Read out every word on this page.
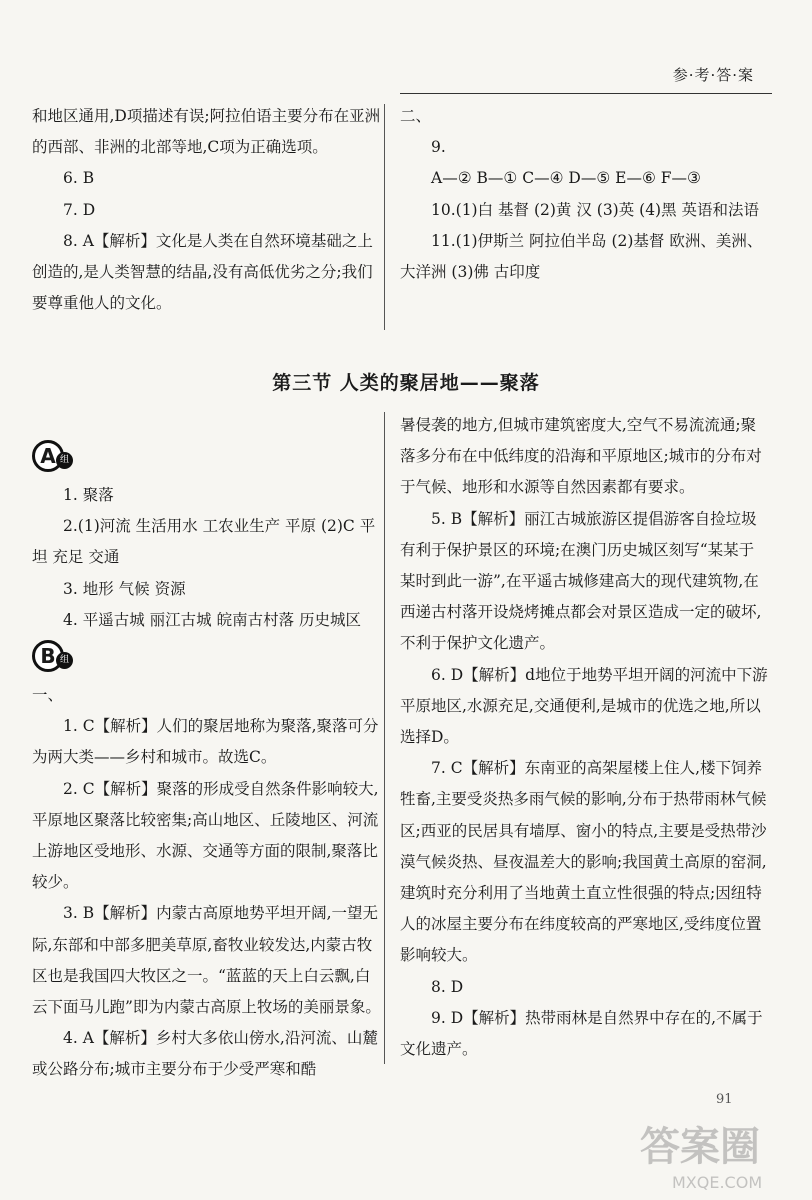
参·考·答·案

和地区通用,D项描述有误;阿拉伯语主要分布在亚洲的西部、非洲的北部等地,C项为正确选项。

6. B

7. D

8. A【解析】文化是人类在自然环境基础之上创造的,是人类智慧的结晶,没有高低优劣之分;我们要尊重他人的文化。

二、

9.

A—② B—① C—④ D—⑤ E—⑥ F—③

10.(1)白 基督 (2)黄 汉 (3)英 (4)黑 英语和法语

11.(1)伊斯兰 阿拉伯半岛 (2)基督 欧洲、美洲、大洋洲 (3)佛 古印度

第三节 人类的聚居地——聚落
A 组

1. 聚落

2.(1)河流 生活用水 工农业生产 平原 (2)C 平坦 充足 交通

3. 地形 气候 资源

4. 平遥古城 丽江古城 皖南古村落 历史城区

B 组

一、

1. C【解析】人们的聚居地称为聚落,聚落可分为两大类——乡村和城市。故选C。

2. C【解析】聚落的形成受自然条件影响较大,平原地区聚落比较密集;高山地区、丘陵地区、河流上游地区受地形、水源、交通等方面的限制,聚落比较少。

3. B【解析】内蒙古高原地势平坦开阔,一望无际,东部和中部多肥美草原,畜牧业较发达,内蒙古牧区也是我国四大牧区之一。“蓝蓝的天上白云飘,白云下面马儿跑”即为内蒙古高原上牧场的美丽景象。

4. A【解析】乡村大多依山傍水,沿河流、山麓或公路分布;城市主要分布于少受严寒和酷

暑侵袭的地方,但城市建筑密度大,空气不易流流通;聚落多分布在中低纬度的沿海和平原地区;城市的分布对于气候、地形和水源等自然因素都有要求。

5. B【解析】丽江古城旅游区提倡游客自捡垃圾有利于保护景区的环境;在澳门历史城区刻写“某某于某时到此一游”,在平遥古城修建高大的现代建筑物,在西递古村落开设烧烤摊点都会对景区造成一定的破坏,不利于保护文化遗产。

6. D【解析】d地位于地势平坦开阔的河流中下游平原地区,水源充足,交通便利,是城市的优选之地,所以选择D。

7. C【解析】东南亚的高架屋楼上住人,楼下饲养牲畜,主要受炎热多雨气候的影响,分布于热带雨林气候区;西亚的民居具有墙厚、窗小的特点,主要是受热带沙漠气候炎热、昼夜温差大的影响;我国黄土高原的窑洞,建筑时充分利用了当地黄土直立性很强的特点;因纽特人的冰屋主要分布在纬度较高的严寒地区,受纬度位置影响较大。

8. D

9. D【解析】热带雨林是自然界中存在的,不属于文化遗产。

91
答案圈
MXQE.COM
